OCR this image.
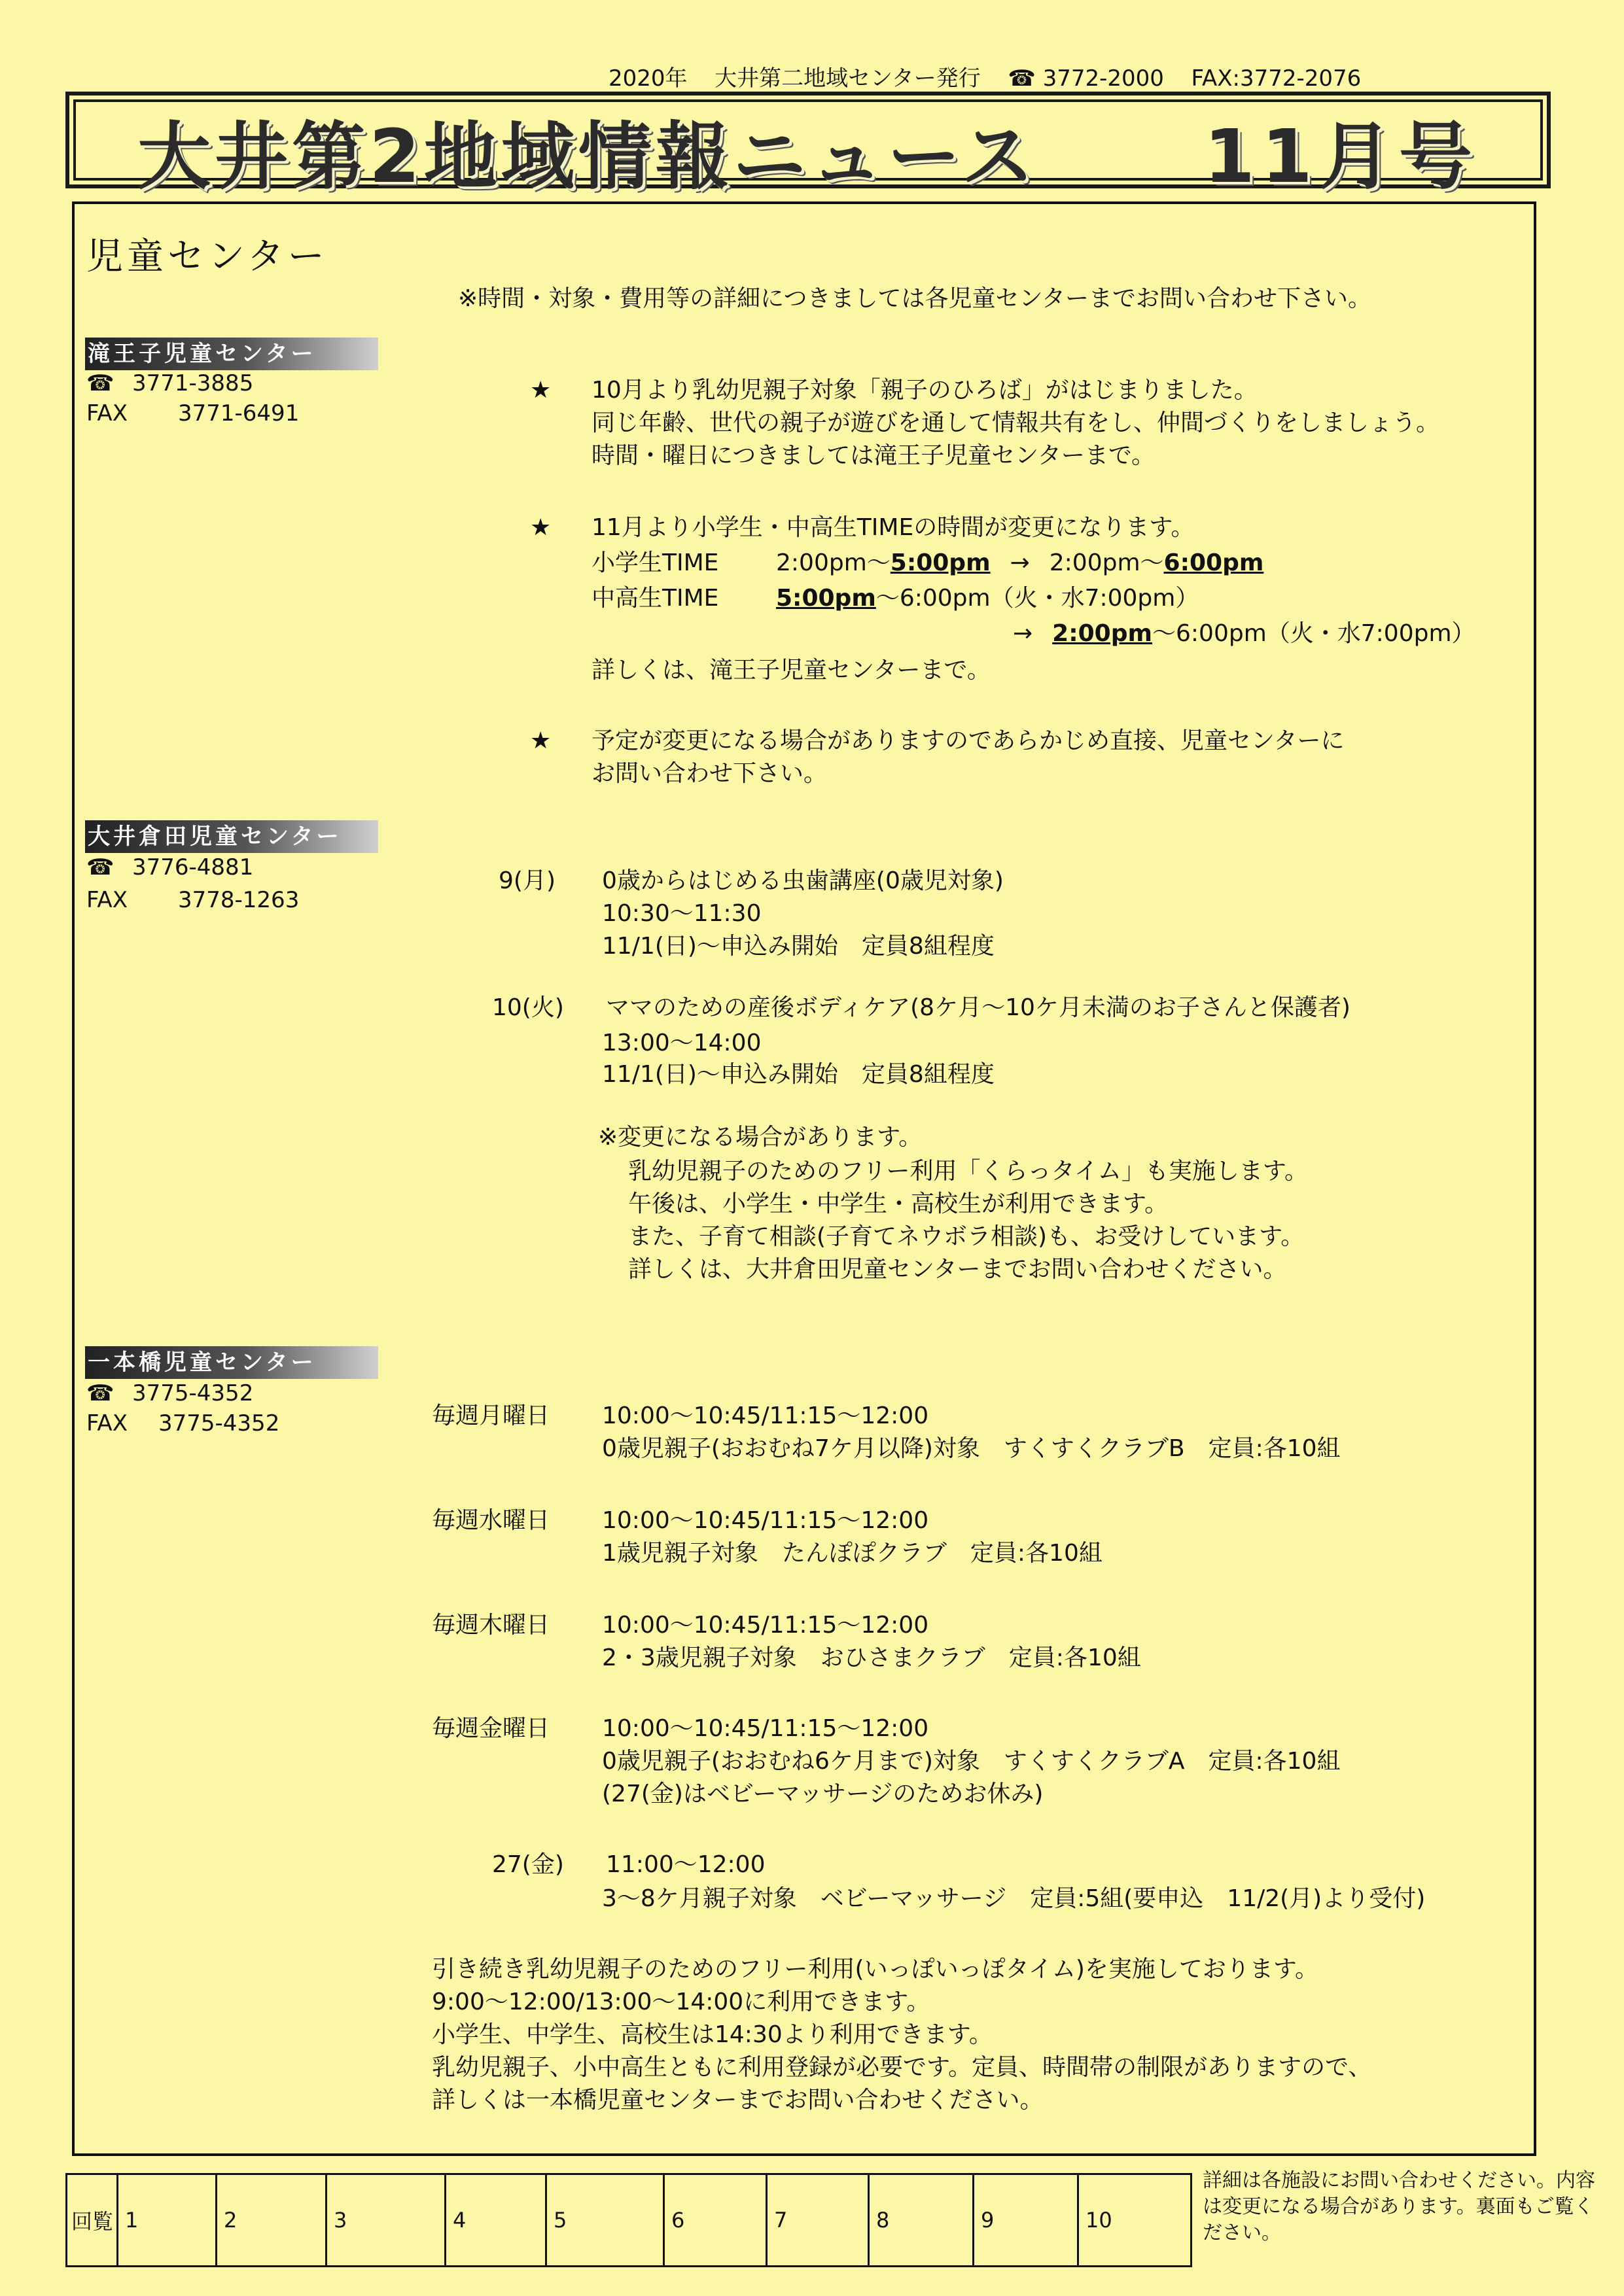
2020年 大井第二地域センター発行 ☎ 3772-2000 FAX:3772-2076
大井第2地域情報ニュース 11月号
児童センター
※時間・対象・費用等の詳細につきましては各児童センターまでお問い合わせ下さい。
滝王子児童センター
☎ 3771-3885
FAX 3771-6491
★ 10月より乳幼児親子対象「親子のひろば」がはじまりました。
同じ年齢、世代の親子が遊びを通して情報共有をし、仲間づくりをしましょう。
時間・曜日につきましては滝王子児童センターまで。
★ 11月より小学生・中高生TIMEの時間が変更になります。
小学生TIME 2:00pm～5:00pm → 2:00pm～6:00pm
中高生TIME 5:00pm～6:00pm（火・水7:00pm）
→ 2:00pm～6:00pm（火・水7:00pm）
詳しくは、滝王子児童センターまで。
★ 予定が変更になる場合がありますのであらかじめ直接、児童センターに
お問い合わせ下さい。
大井倉田児童センター
☎ 3776-4881
FAX 3778-1263
9(月) 0歳からはじめる虫歯講座(0歳児対象)
10:30～11:30
11/1(日)～申込み開始　定員8組程度
10(火) ママのための産後ボディケア(8ケ月～10ケ月未満のお子さんと保護者)
13:00～14:00
11/1(日)～申込み開始　定員8組程度
※変更になる場合があります。
乳幼児親子のためのフリー利用「くらっタイム」も実施します。
午後は、小学生・中学生・高校生が利用できます。
また、子育て相談(子育てネウボラ相談)も、お受けしています。
詳しくは、大井倉田児童センターまでお問い合わせください。
一本橋児童センター
☎ 3775-4352
FAX 3775-4352	毎週月曜日 10:00～10:45/11:15～12:00
0歳児親子(おおむね7ケ月以降)対象　すくすくクラブB　定員:各10組
毎週水曜日 10:00～10:45/11:15～12:00
1歳児親子対象　たんぽぽクラブ　定員:各10組
毎週木曜日 10:00～10:45/11:15～12:00
2・3歳児親子対象　おひさまクラブ　定員:各10組
毎週金曜日 10:00～10:45/11:15～12:00
0歳児親子(おおむね6ケ月まで)対象　すくすくクラブA　定員:各10組
(27(金)はベビーマッサージのためお休み)
27(金) 11:00～12:00
3～8ケ月親子対象　ベビーマッサージ　定員:5組(要申込　11/2(月)より受付)
引き続き乳幼児親子のためのフリー利用(いっぽいっぽタイム)を実施しております。
9:00～12:00/13:00～14:00に利用できます。
小学生、中学生、高校生は14:30より利用できます。
乳幼児親子、小中高生ともに利用登録が必要です。定員、時間帯の制限がありますので、
詳しくは一本橋児童センターまでお問い合わせください。
回覧 1	2	3	4	5	6	7	8	9	10
詳細は各施設にお問い合わせください。内容は変更になる場合があります。裏面もご覧ください。
